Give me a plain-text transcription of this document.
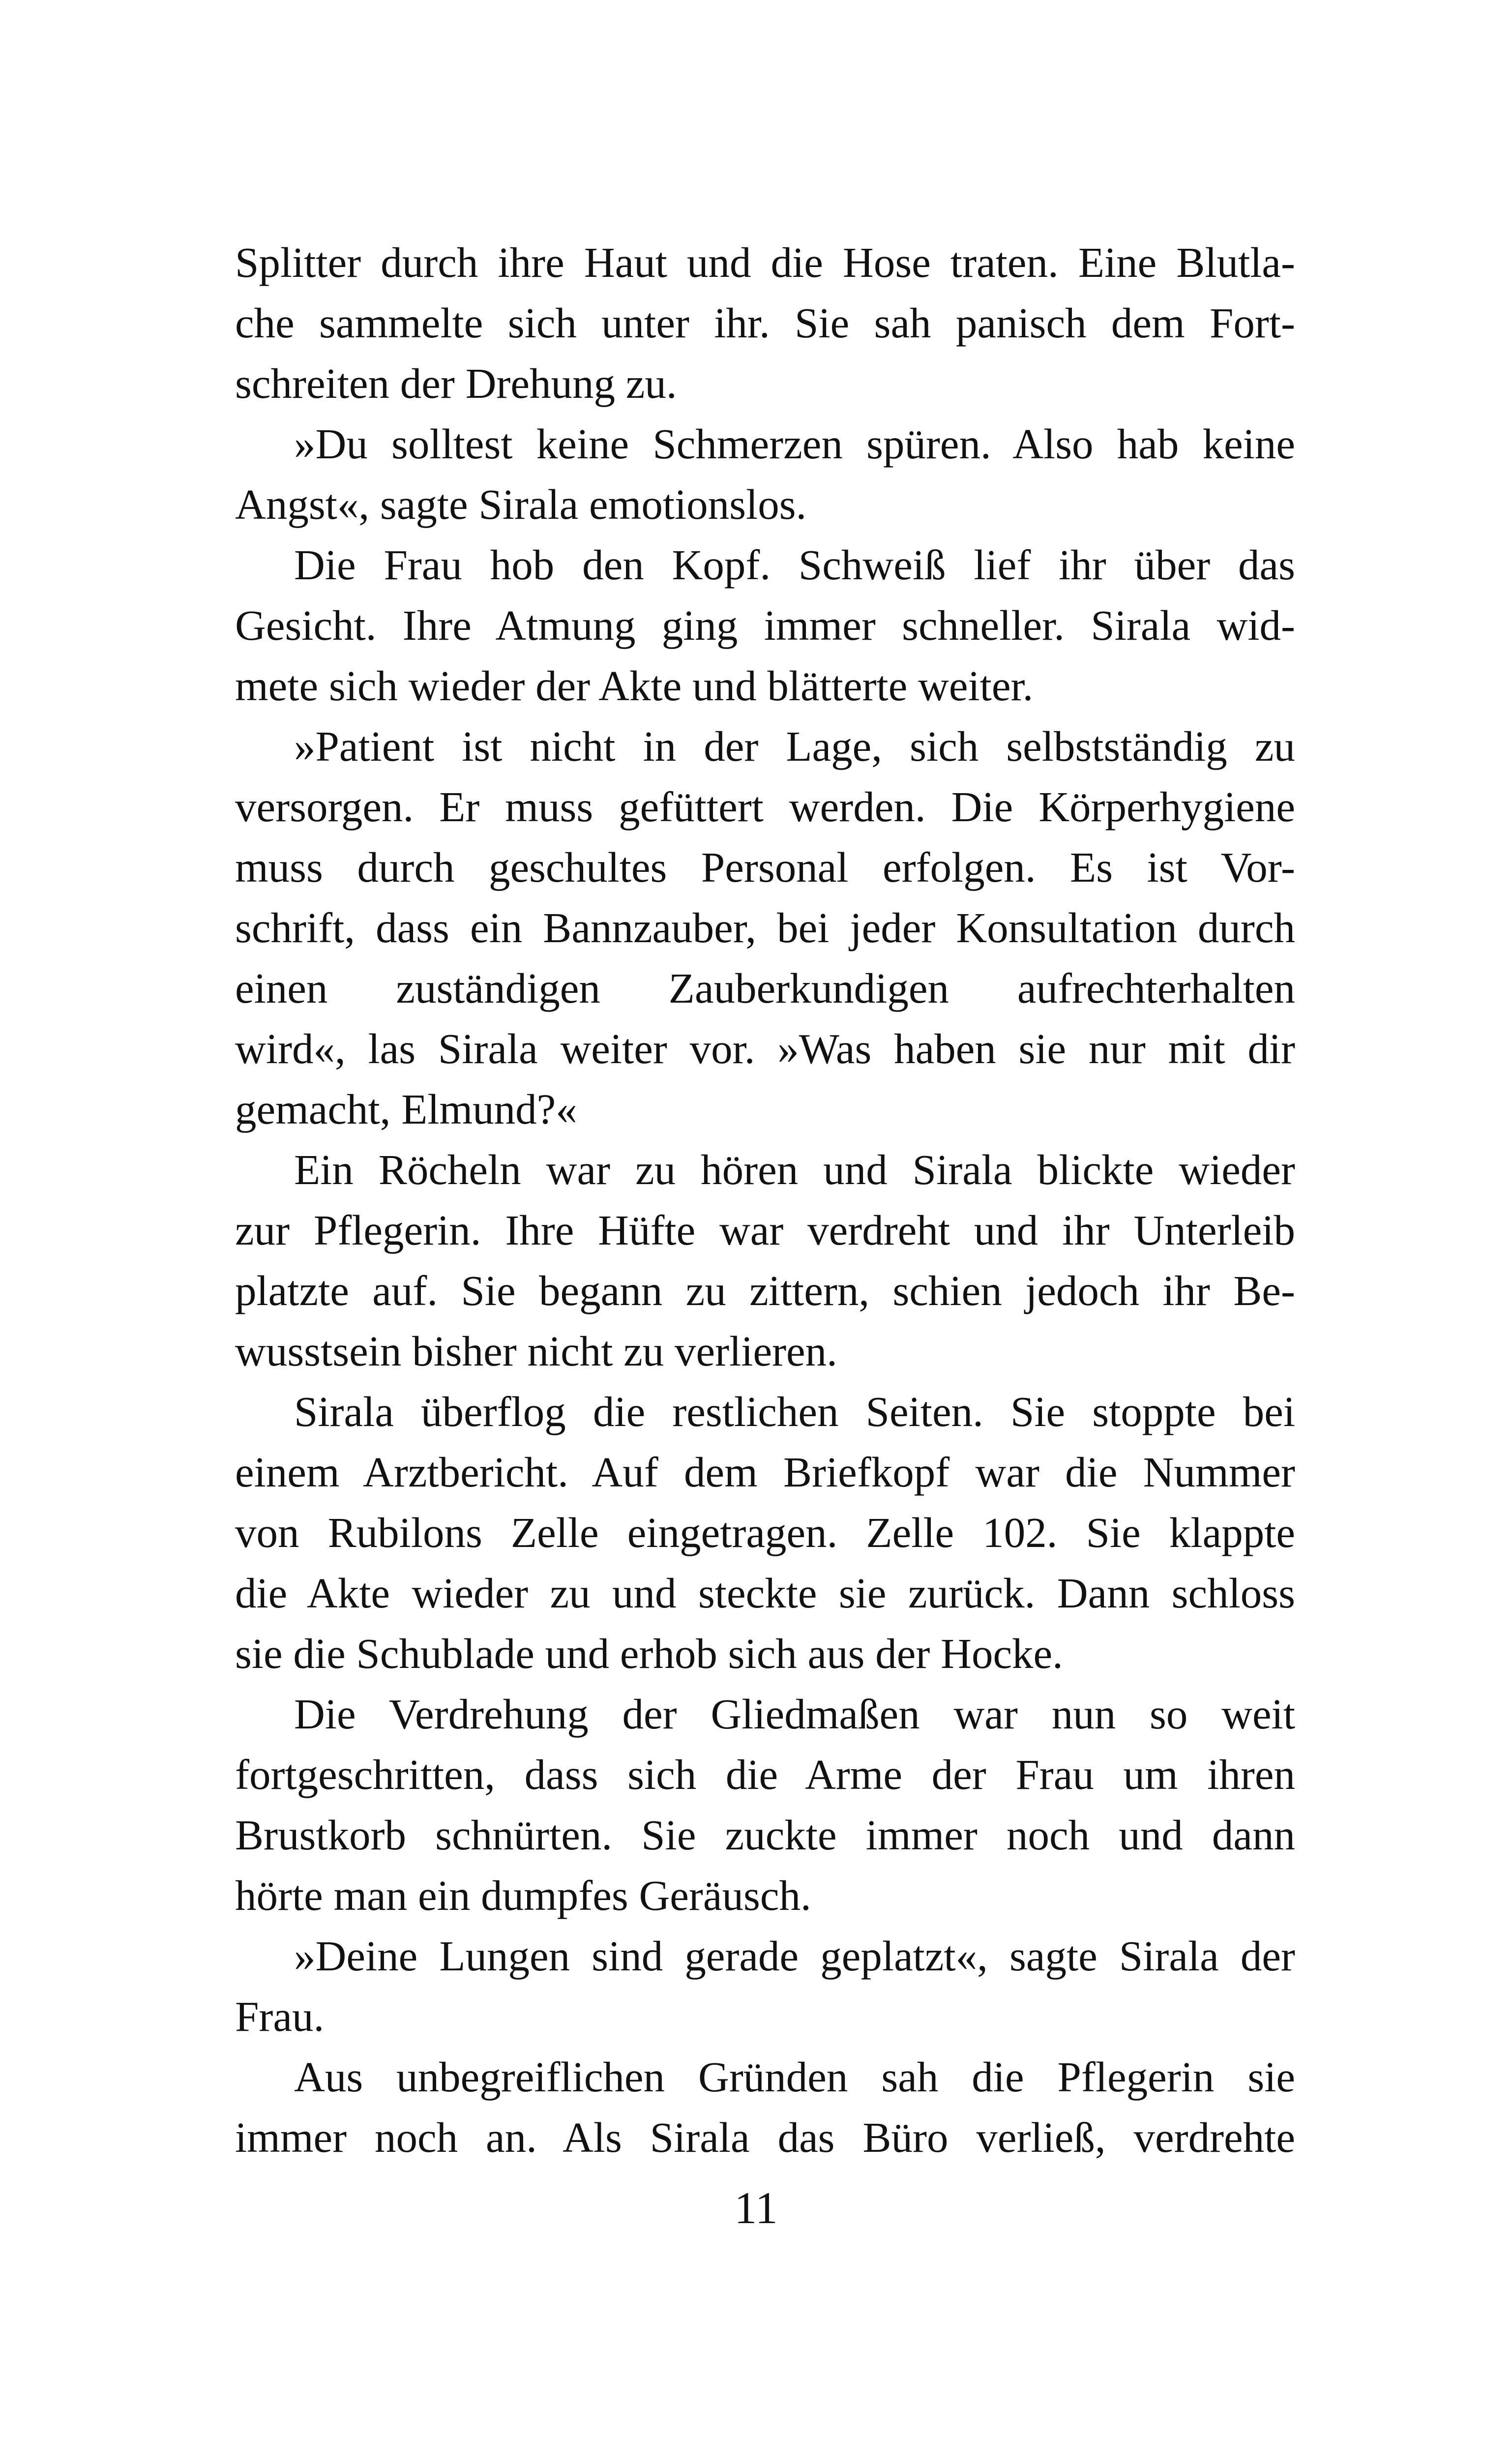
Splitter durch ihre Haut und die Hose traten. Eine Blutla-
che sammelte sich unter ihr. Sie sah panisch dem Fort-
schreiten der Drehung zu.
»Du solltest keine Schmerzen spüren. Also hab keine
Angst«, sagte Sirala emotionslos.
Die Frau hob den Kopf. Schweiß lief ihr über das
Gesicht. Ihre Atmung ging immer schneller. Sirala wid-
mete sich wieder der Akte und blätterte weiter.
»Patient ist nicht in der Lage, sich selbstständig zu
versorgen. Er muss gefüttert werden. Die Körperhygiene
muss durch geschultes Personal erfolgen. Es ist Vor-
schrift, dass ein Bannzauber, bei jeder Konsultation durch
einen zuständigen Zauberkundigen aufrechterhalten
wird«, las Sirala weiter vor. »Was haben sie nur mit dir
gemacht, Elmund?«
Ein Röcheln war zu hören und Sirala blickte wieder
zur Pflegerin. Ihre Hüfte war verdreht und ihr Unterleib
platzte auf. Sie begann zu zittern, schien jedoch ihr Be-
wusstsein bisher nicht zu verlieren.
Sirala überflog die restlichen Seiten. Sie stoppte bei
einem Arztbericht. Auf dem Briefkopf war die Nummer
von Rubilons Zelle eingetragen. Zelle 102. Sie klappte
die Akte wieder zu und steckte sie zurück. Dann schloss
sie die Schublade und erhob sich aus der Hocke.
Die Verdrehung der Gliedmaßen war nun so weit
fortgeschritten, dass sich die Arme der Frau um ihren
Brustkorb schnürten. Sie zuckte immer noch und dann
hörte man ein dumpfes Geräusch.
»Deine Lungen sind gerade geplatzt«, sagte Sirala der
Frau.
Aus unbegreiflichen Gründen sah die Pflegerin sie
immer noch an. Als Sirala das Büro verließ, verdrehte
11
